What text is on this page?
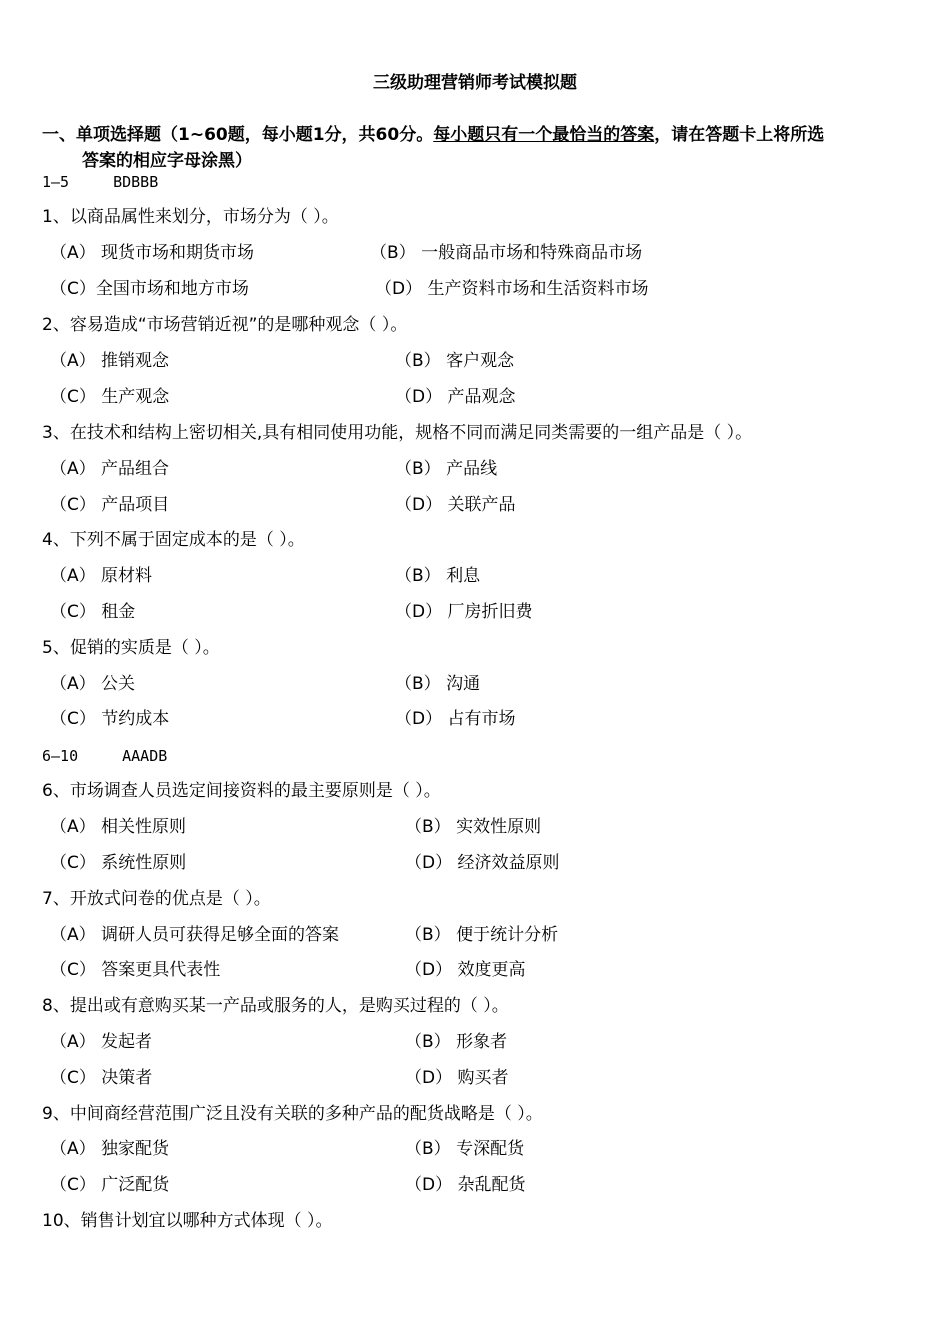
三级助理营销师考试模拟题
一、单项选择题（1~60题，每小题1分，共60分。每小题只有一个最恰当的答案，请在答题卡上将所选
答案的相应字母涂黑）
1—5	BDBBB
1、以商品属性来划分，市场分为（ ）。
（A） 现货市场和期货市场	（B） 一般商品市场和特殊商品市场
（C）全国市场和地方市场	（D） 生产资料市场和生活资料市场
2、容易造成“市场营销近视”的是哪种观念（ ）。
（A） 推销观念	（B） 客户观念
（C） 生产观念	（D） 产品观念
3、在技术和结构上密切相关,具有相同使用功能，规格不同而满足同类需要的一组产品是（ ）。
（A） 产品组合	（B） 产品线
（C） 产品项目	（D） 关联产品
4、下列不属于固定成本的是（ ）。
（A） 原材料	（B） 利息
（C） 租金	（D） 厂房折旧费
5、促销的实质是（ ）。
（A） 公关	（B） 沟通
（C） 节约成本	（D） 占有市场
6—10	AAADB
6、市场调查人员选定间接资料的最主要原则是（ ）。
（A） 相关性原则	（B） 实效性原则
（C） 系统性原则	（D） 经济效益原则
7、开放式问卷的优点是（ ）。
（A） 调研人员可获得足够全面的答案	（B） 便于统计分析
（C） 答案更具代表性	（D） 效度更高
8、提出或有意购买某一产品或服务的人，是购买过程的（ ）。
（A） 发起者	（B） 形象者
（C） 决策者	（D） 购买者
9、中间商经营范围广泛且没有关联的多种产品的配货战略是（ ）。
（A） 独家配货	（B） 专深配货
（C） 广泛配货	（D） 杂乱配货
10、销售计划宜以哪种方式体现（ ）。
